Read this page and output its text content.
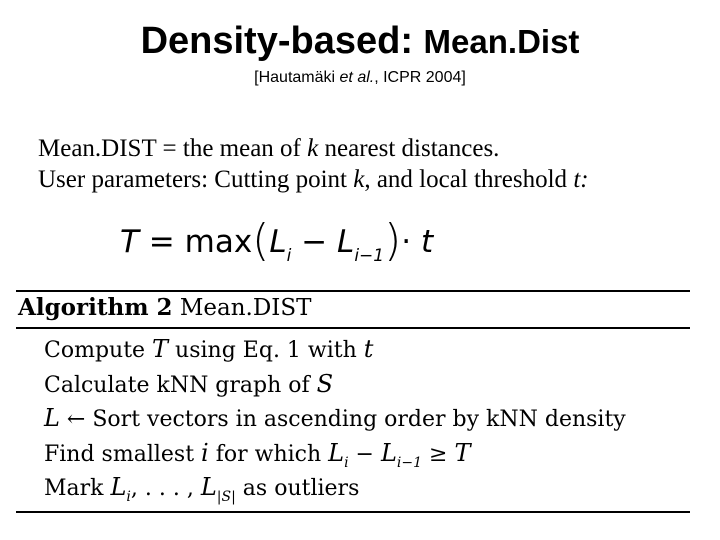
Density-based: Mean.Dist
[Hautamäki et al., ICPR 2004]
Mean.DIST = the mean of k nearest distances.
User parameters: Cutting point k, and local threshold t:
$T = \max(L_i - L_{i-1})\cdot t$
Algorithm 2 Mean.DIST
Compute T using Eq. 1 with t
Calculate kNN graph of S
L ← Sort vectors in ascending order by kNN density
Find smallest i for which $L_i - L_{i-1} \ge T$
Mark $L_i$, . . . , $L_{|S|}$ as outliers
